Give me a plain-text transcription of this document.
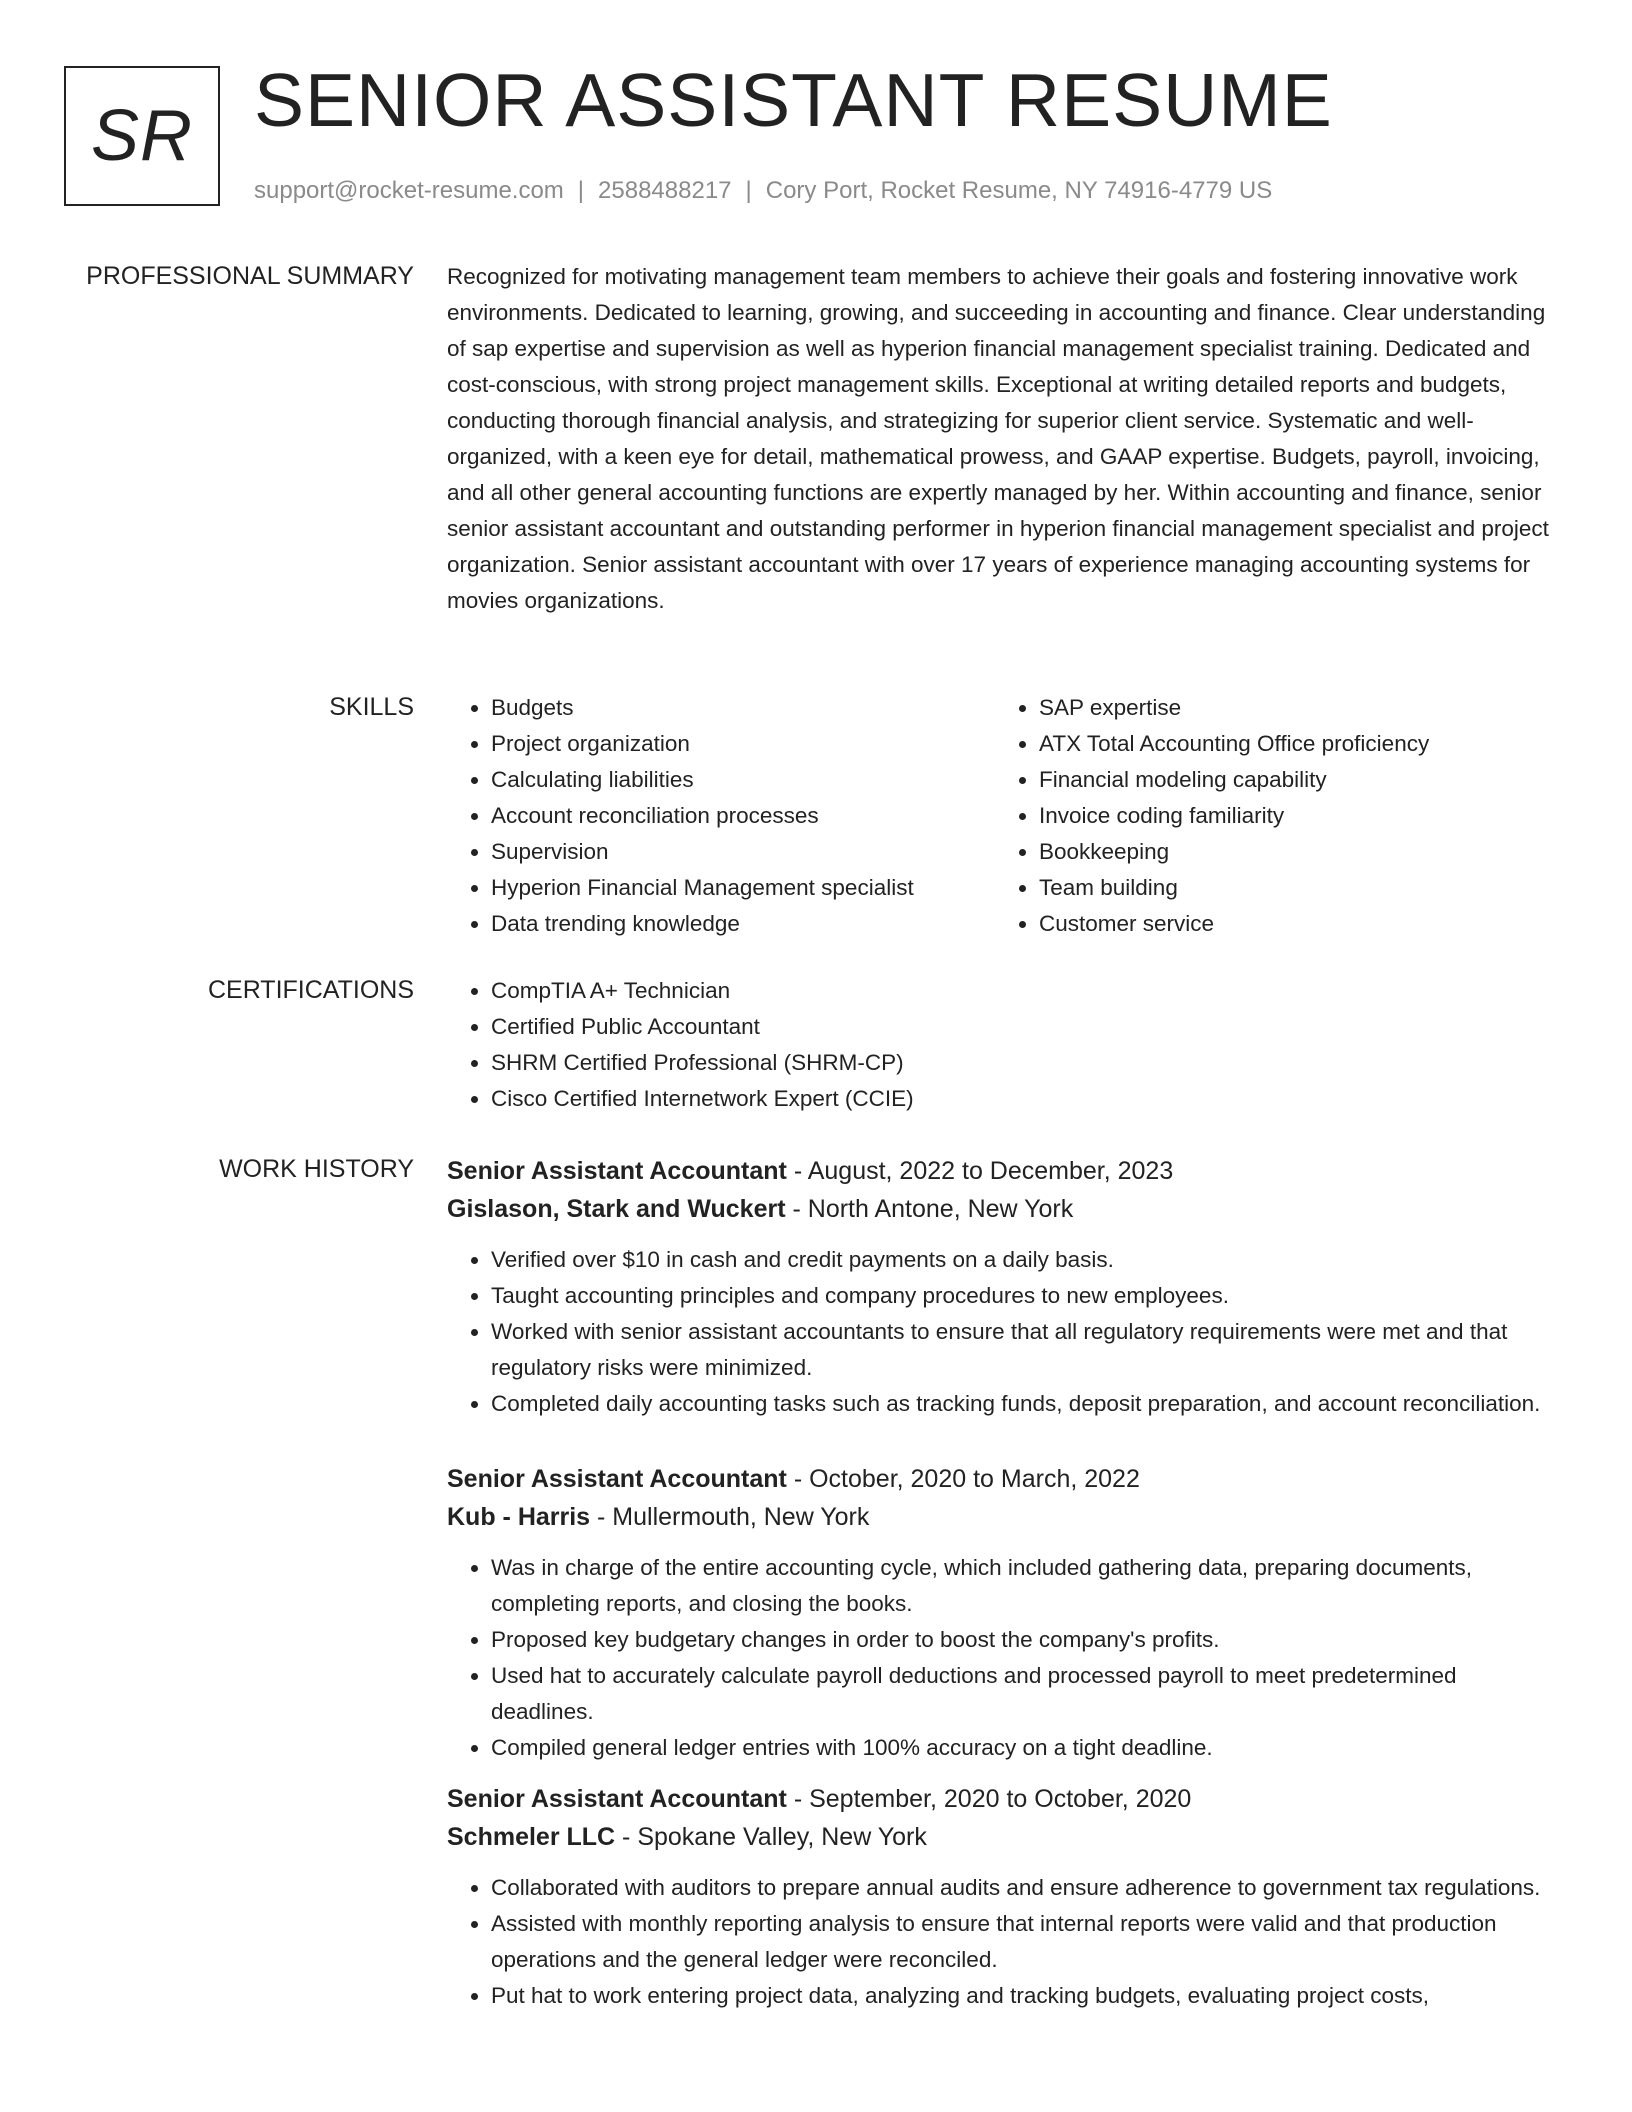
SR SENIOR ASSISTANT RESUME
support@rocket-resume.com | 2588488217 | Cory Port, Rocket Resume, NY 74916-4779 US
PROFESSIONAL SUMMARY Recognized for motivating management team members to achieve their goals and fostering innovative work environments. Dedicated to learning, growing, and succeeding in accounting and finance. Clear understanding of sap expertise and supervision as well as hyperion financial management specialist training. Dedicated and cost-conscious, with strong project management skills. Exceptional at writing detailed reports and budgets, conducting thorough financial analysis, and strategizing for superior client service. Systematic and well-organized, with a keen eye for detail, mathematical prowess, and GAAP expertise. Budgets, payroll, invoicing, and all other general accounting functions are expertly managed by her. Within accounting and finance, senior senior assistant accountant and outstanding performer in hyperion financial management specialist and project organization. Senior assistant accountant with over 17 years of experience managing accounting systems for movies organizations.

SKILLS	• Budgets
• Project organization
• Calculating liabilities
• Account reconciliation processes
• Supervision
• Hyperion Financial Management specialist
• Data trending knowledge
• SAP expertise
• ATX Total Accounting Office proficiency
• Financial modeling capability
• Invoice coding familiarity
• Bookkeeping
• Team building
• Customer service
CERTIFICATIONS	• CompTIA A+ Technician
• Certified Public Accountant
• SHRM Certified Professional (SHRM-CP)
• Cisco Certified Internetwork Expert (CCIE)
WORK HISTORY Senior Assistant Accountant - August, 2022 to December, 2023
Gislason, Stark and Wuckert - North Antone, New York
• Verified over $10 in cash and credit payments on a daily basis.
• Taught accounting principles and company procedures to new employees.
• Worked with senior assistant accountants to ensure that all regulatory requirements were met and that regulatory risks were minimized.
• Completed daily accounting tasks such as tracking funds, deposit preparation, and account reconciliation.
Senior Assistant Accountant - October, 2020 to March, 2022
Kub - Harris - Mullermouth, New York
• Was in charge of the entire accounting cycle, which included gathering data, preparing documents, completing reports, and closing the books.
• Proposed key budgetary changes in order to boost the company's profits.
• Used hat to accurately calculate payroll deductions and processed payroll to meet predetermined deadlines.
• Compiled general ledger entries with 100% accuracy on a tight deadline.
Senior Assistant Accountant - September, 2020 to October, 2020
Schmeler LLC - Spokane Valley, New York
• Collaborated with auditors to prepare annual audits and ensure adherence to government tax regulations.
• Assisted with monthly reporting analysis to ensure that internal reports were valid and that production operations and the general ledger were reconciled.
• Put hat to work entering project data, analyzing and tracking budgets, evaluating project costs,
